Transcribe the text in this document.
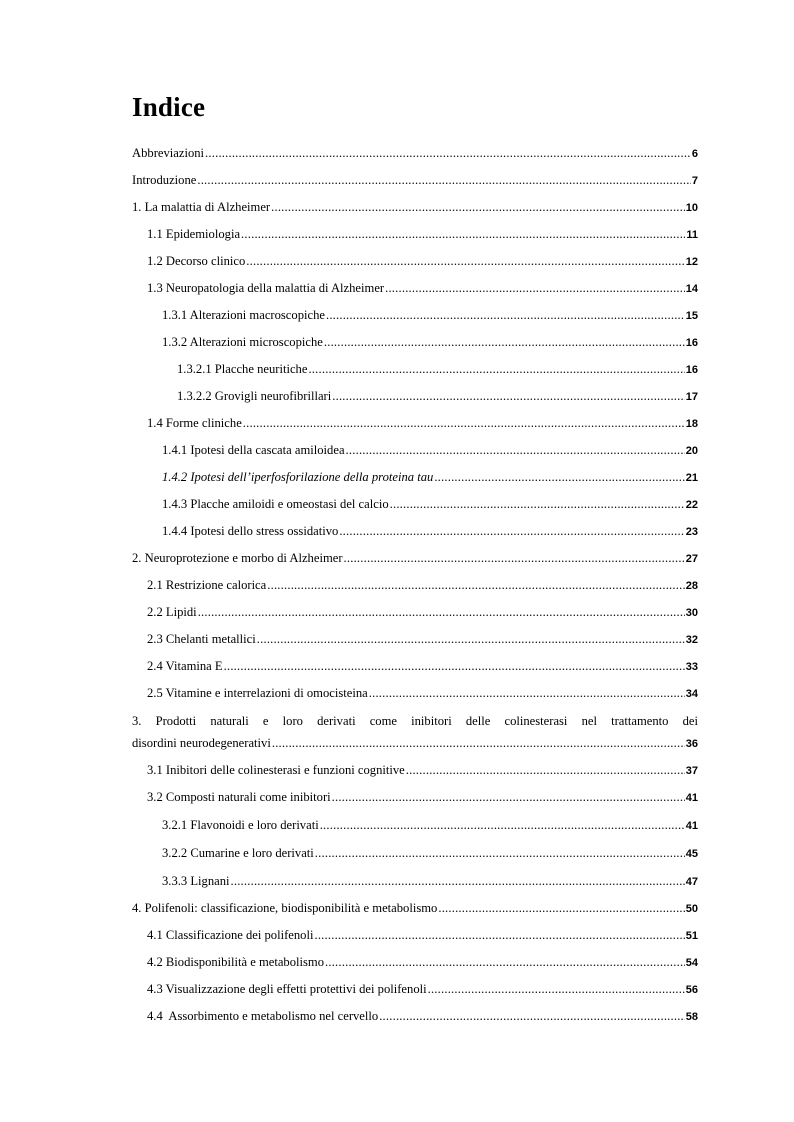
Indice
Abbreviazioni .....	6
Introduzione .....	7
1. La malattia di Alzheimer .....	10
1.1 Epidemiologia .....	11
1.2 Decorso clinico .....	12
1.3 Neuropatologia della malattia di Alzheimer .....	14
1.3.1 Alterazioni macroscopiche .....	15
1.3.2 Alterazioni microscopiche .....	16
1.3.2.1 Placche neuritiche .....	16
1.3.2.2 Grovigli neurofibrillari .....	17
1.4 Forme cliniche .....	18
1.4.1 Ipotesi della cascata amiloidea .....	20
1.4.2 Ipotesi dell’iperfosforilazione della proteina tau .....	21
1.4.3 Placche amiloidi e omeostasi del calcio .....	22
1.4.4 Ipotesi dello stress ossidativo .....	23
2. Neuroprotezione e morbo di Alzheimer .....	27
2.1 Restrizione calorica .....	28
2.2 Lipidi .....	30
2.3 Chelanti metallici .....	32
2.4 Vitamina E .....	33
2.5 Vitamine e interrelazioni di omocisteina .....	34
3. Prodotti naturali e loro derivati come inibitori delle colinesterasi nel trattamento dei
disordini neurodegenerativi .....	36
3.1 Inibitori delle colinesterasi e funzioni cognitive .....	37
3.2 Composti naturali come inibitori .....	41
3.2.1 Flavonoidi e loro derivati .....	41
3.2.2 Cumarine e loro derivati .....	45
3.3.3 Lignani .....	47
4. Polifenoli: classificazione, biodisponibilità e metabolismo .....	50
4.1 Classificazione dei polifenoli .....	51
4.2 Biodisponibilità e metabolismo .....	54
4.3 Visualizzazione degli effetti protettivi dei polifenoli .....	56
4.4  Assorbimento e metabolismo nel cervello .....	58
